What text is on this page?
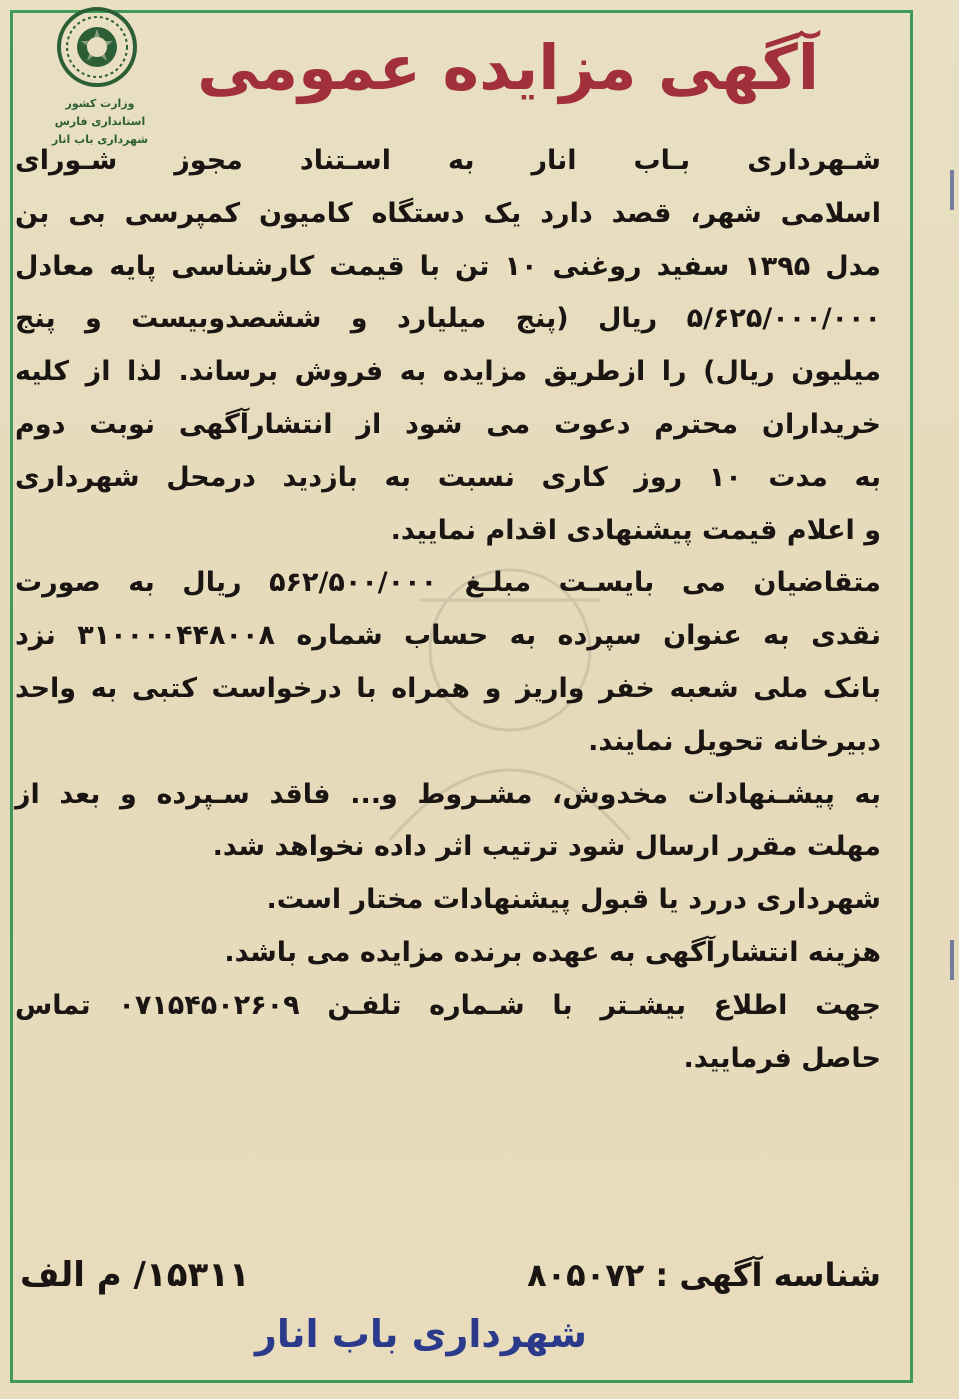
وزارت کشور
استانداری فارس
شهرداری باب انار
آگهی مزایده عمومی
شـهرداری بـاب انار به اسـتناد مجوز شـورای
اسلامی شهر، قصد دارد یک دستگاه کامیون کمپرسی بی بن
مدل ۱۳۹۵ سفید روغنی ۱۰ تن با قیمت کارشناسی پایه معادل
۵/۶۲۵/۰۰۰/۰۰۰ ریال (پنج میلیارد و ششصدوبیست و پنج
میلیون ریال) را ازطریق مزایده به فروش برساند. لذا از کلیه
خریداران محترم دعوت می شود از انتشارآگهی نوبت دوم
به مدت ۱۰ روز کاری نسبت به بازدید درمحل شهرداری
و اعلام قیمت پیشنهادی اقدام نمایید.
متقاضیان می بایسـت مبلـغ ۵۶۲/۵۰۰/۰۰۰ ریال به صورت
نقدی به عنوان سپرده به حساب شماره ۳۱۰۰۰۰۴۴۸۰۰۸ نزد
بانک ملی شعبه خفر واریز و همراه با درخواست کتبی به واحد
دبیرخانه تحویل نمایند.
به پیشـنهادات مخدوش، مشـروط و... فاقد سـپرده و بعد از
مهلت مقرر ارسال شود ترتیب اثر داده نخواهد شد.
شهرداری دررد یا قبول پیشنهادات مختار است.
هزینه انتشارآگهی به عهده برنده مزایده می باشد.
جهت اطلاع بیشـتر با شـماره تلفـن ۰۷۱۵۴۵۰۲۶۰۹ تماس
حاصل فرمایید.
شناسه آگهی : ۸۰۵۰۷۲
۱۵۳۱۱/ م الف
شهرداری باب انار
